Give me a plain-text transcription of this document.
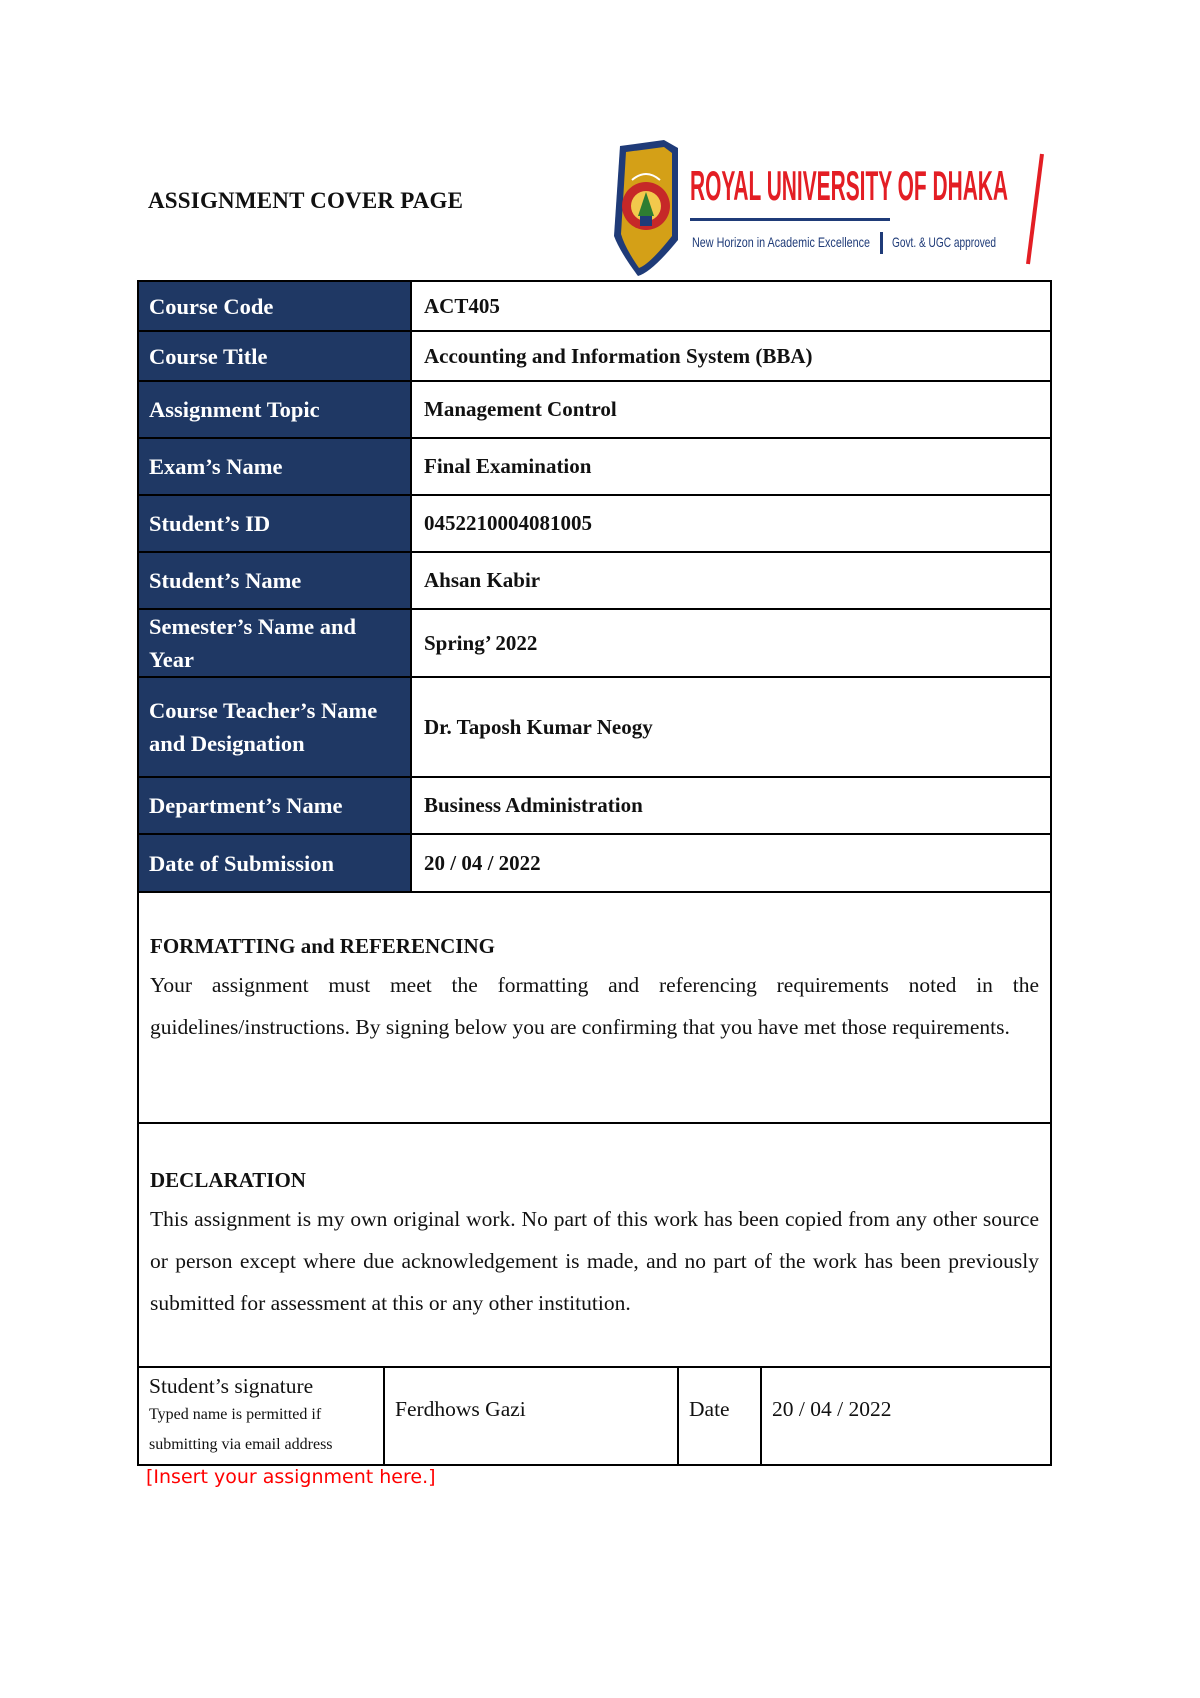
ASSIGNMENT COVER PAGE	ROYAL UNIVERSITY OF DHAKA
New Horizon in Academic Excellence Govt. & UGC approved
Course Code	ACT405
Course Title	Accounting and Information System (BBA)
Assignment Topic	Management Control
Exam’s Name	Final Examination
Student’s ID	0452210004081005
Student’s Name	Ahsan Kabir
Semester’s Name and Year	Spring’ 2022
Course Teacher’s Name and Designation	Dr. Taposh Kumar Neogy
Department’s Name	Business Administration
Date of Submission	20 / 04 / 2022
FORMATTING and REFERENCING

Your assignment must meet the formatting and referencing requirements noted in the guidelines/instructions. By signing below you are confirming that you have met those requirements.

DECLARATION

This assignment is my own original work. No part of this work has been copied from any other source or person except where due acknowledgement is made, and no part of the work has been previously submitted for assessment at this or any other institution.

Student’s signature
Typed name is permitted if
submitting via email address
	Ferdhows Gazi	Date	20 / 04 / 2022
[Insert your assignment here.]
